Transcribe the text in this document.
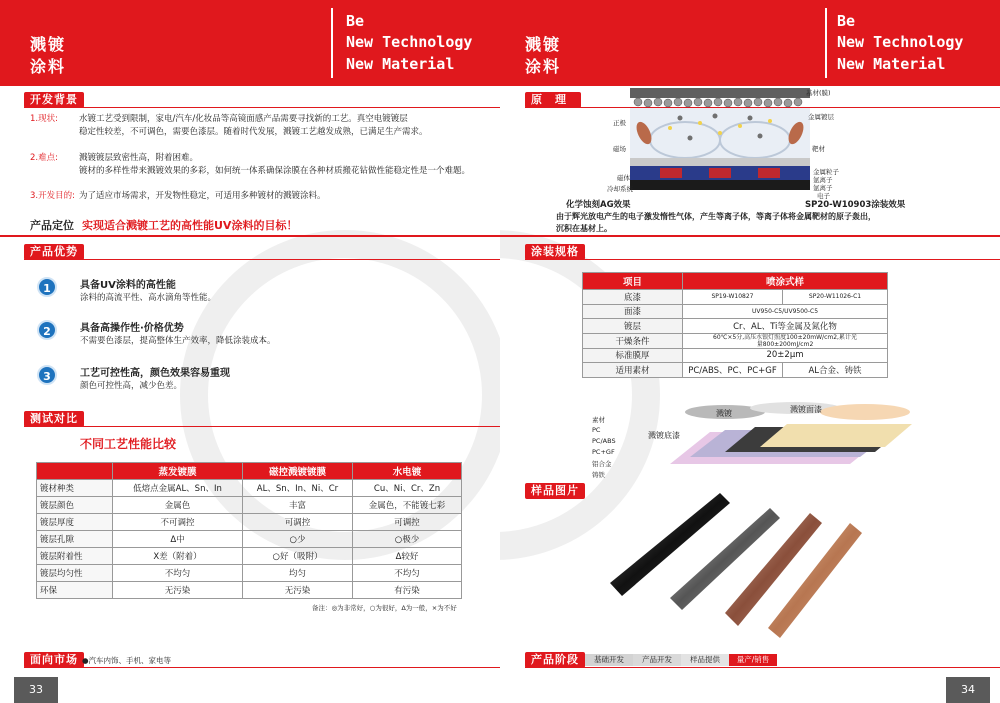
溅镀
涂料
Be
New Technology
New Material
开发背景
1.现状: 水镀工艺受到限制，家电/汽车/化妆品等高镜面感产品需要寻找新的工艺。真空电镀镀层
稳定性较差，不可调色，需要色漆层。随着时代发展，溅镀工艺越发成熟，已满足生产需求。
2.难点: 溅镀镀层致密性高，附着困难。
镀材的多样性带来溅镀效果的多彩，如何统一体系确保涂膜在各种材质搬花钻做性能稳定性是一个难题。
3.开发目的: 为了适应市场需求，开发物性稳定，可适用多种镀材的溅镀涂料。
产品定位 实现适合溅镀工艺的高性能UV涂料的目标！
产品优势
1	具备UV涂料的高性能
涂料的高流平性、高水滴角等性能。
2	具备高操作性·价格优势
不需要色漆层，提高整体生产效率，降低涂装成本。
3	工艺可控性高，颜色效果容易重现
颜色可控性高，减少色差。
测试对比
不同工艺性能比较
	蒸发镀膜	磁控溅镀镀膜	水电镀
镀材种类	低熔点金属AL、Sn、In	AL、Sn、In、Ni、Cr	Cu、Ni、Cr、Zn
镀层颜色	金属色	丰富	金属色，不能镀七彩
镀层厚度	不可调控	可调控	可调控
镀层孔隙	Δ中	○少	○极少
镀层附着性	X差（附着）	○好（吸附）	Δ较好
镀层均匀性	不均匀	均匀	不均匀
环保	无污染	无污染	有污染
备注：◎为非常好，○为很好，Δ为一般，×为不好
面向市场 ●汽车内饰、手机、家电等
33
溅镀
涂料
Be
New Technology
New Material
原　理	基材(膜)
正极
金属镀层
磁场	靶材
磁体
冷却系统
金属粒子
氩离子
氩离子
电子
化学蚀刻AG效果	SP20-W10903涂装效果
由于辉光放电产生的电子激发惰性气体，产生等离子体，等离子体将金属靶材的原子轰出，
沉积在基材上。
涂装规格
项目	喷涂式样	
底漆	SP19-W10827	SP20-W11026-C1
面漆	UV950-C5/UV9500-C5	
镀层	Cr、AL、Ti等金属及氮化物	
干燥条件	60℃×5分,高压水银灯照度100±20mW/cm2,累计光量800±200mJ/cm2	
标准膜厚	20±2μm	
适用素材	PC/ABS、PC、PC+GF	AL合金、铸铁
素材
PC
PC/ABS
PC+GF
铝合金
铸铁
溅镀	溅镀面漆
溅镀底漆
样品图片
产品阶段	基础开发	产品开发	样品提供	量产/销售
34
